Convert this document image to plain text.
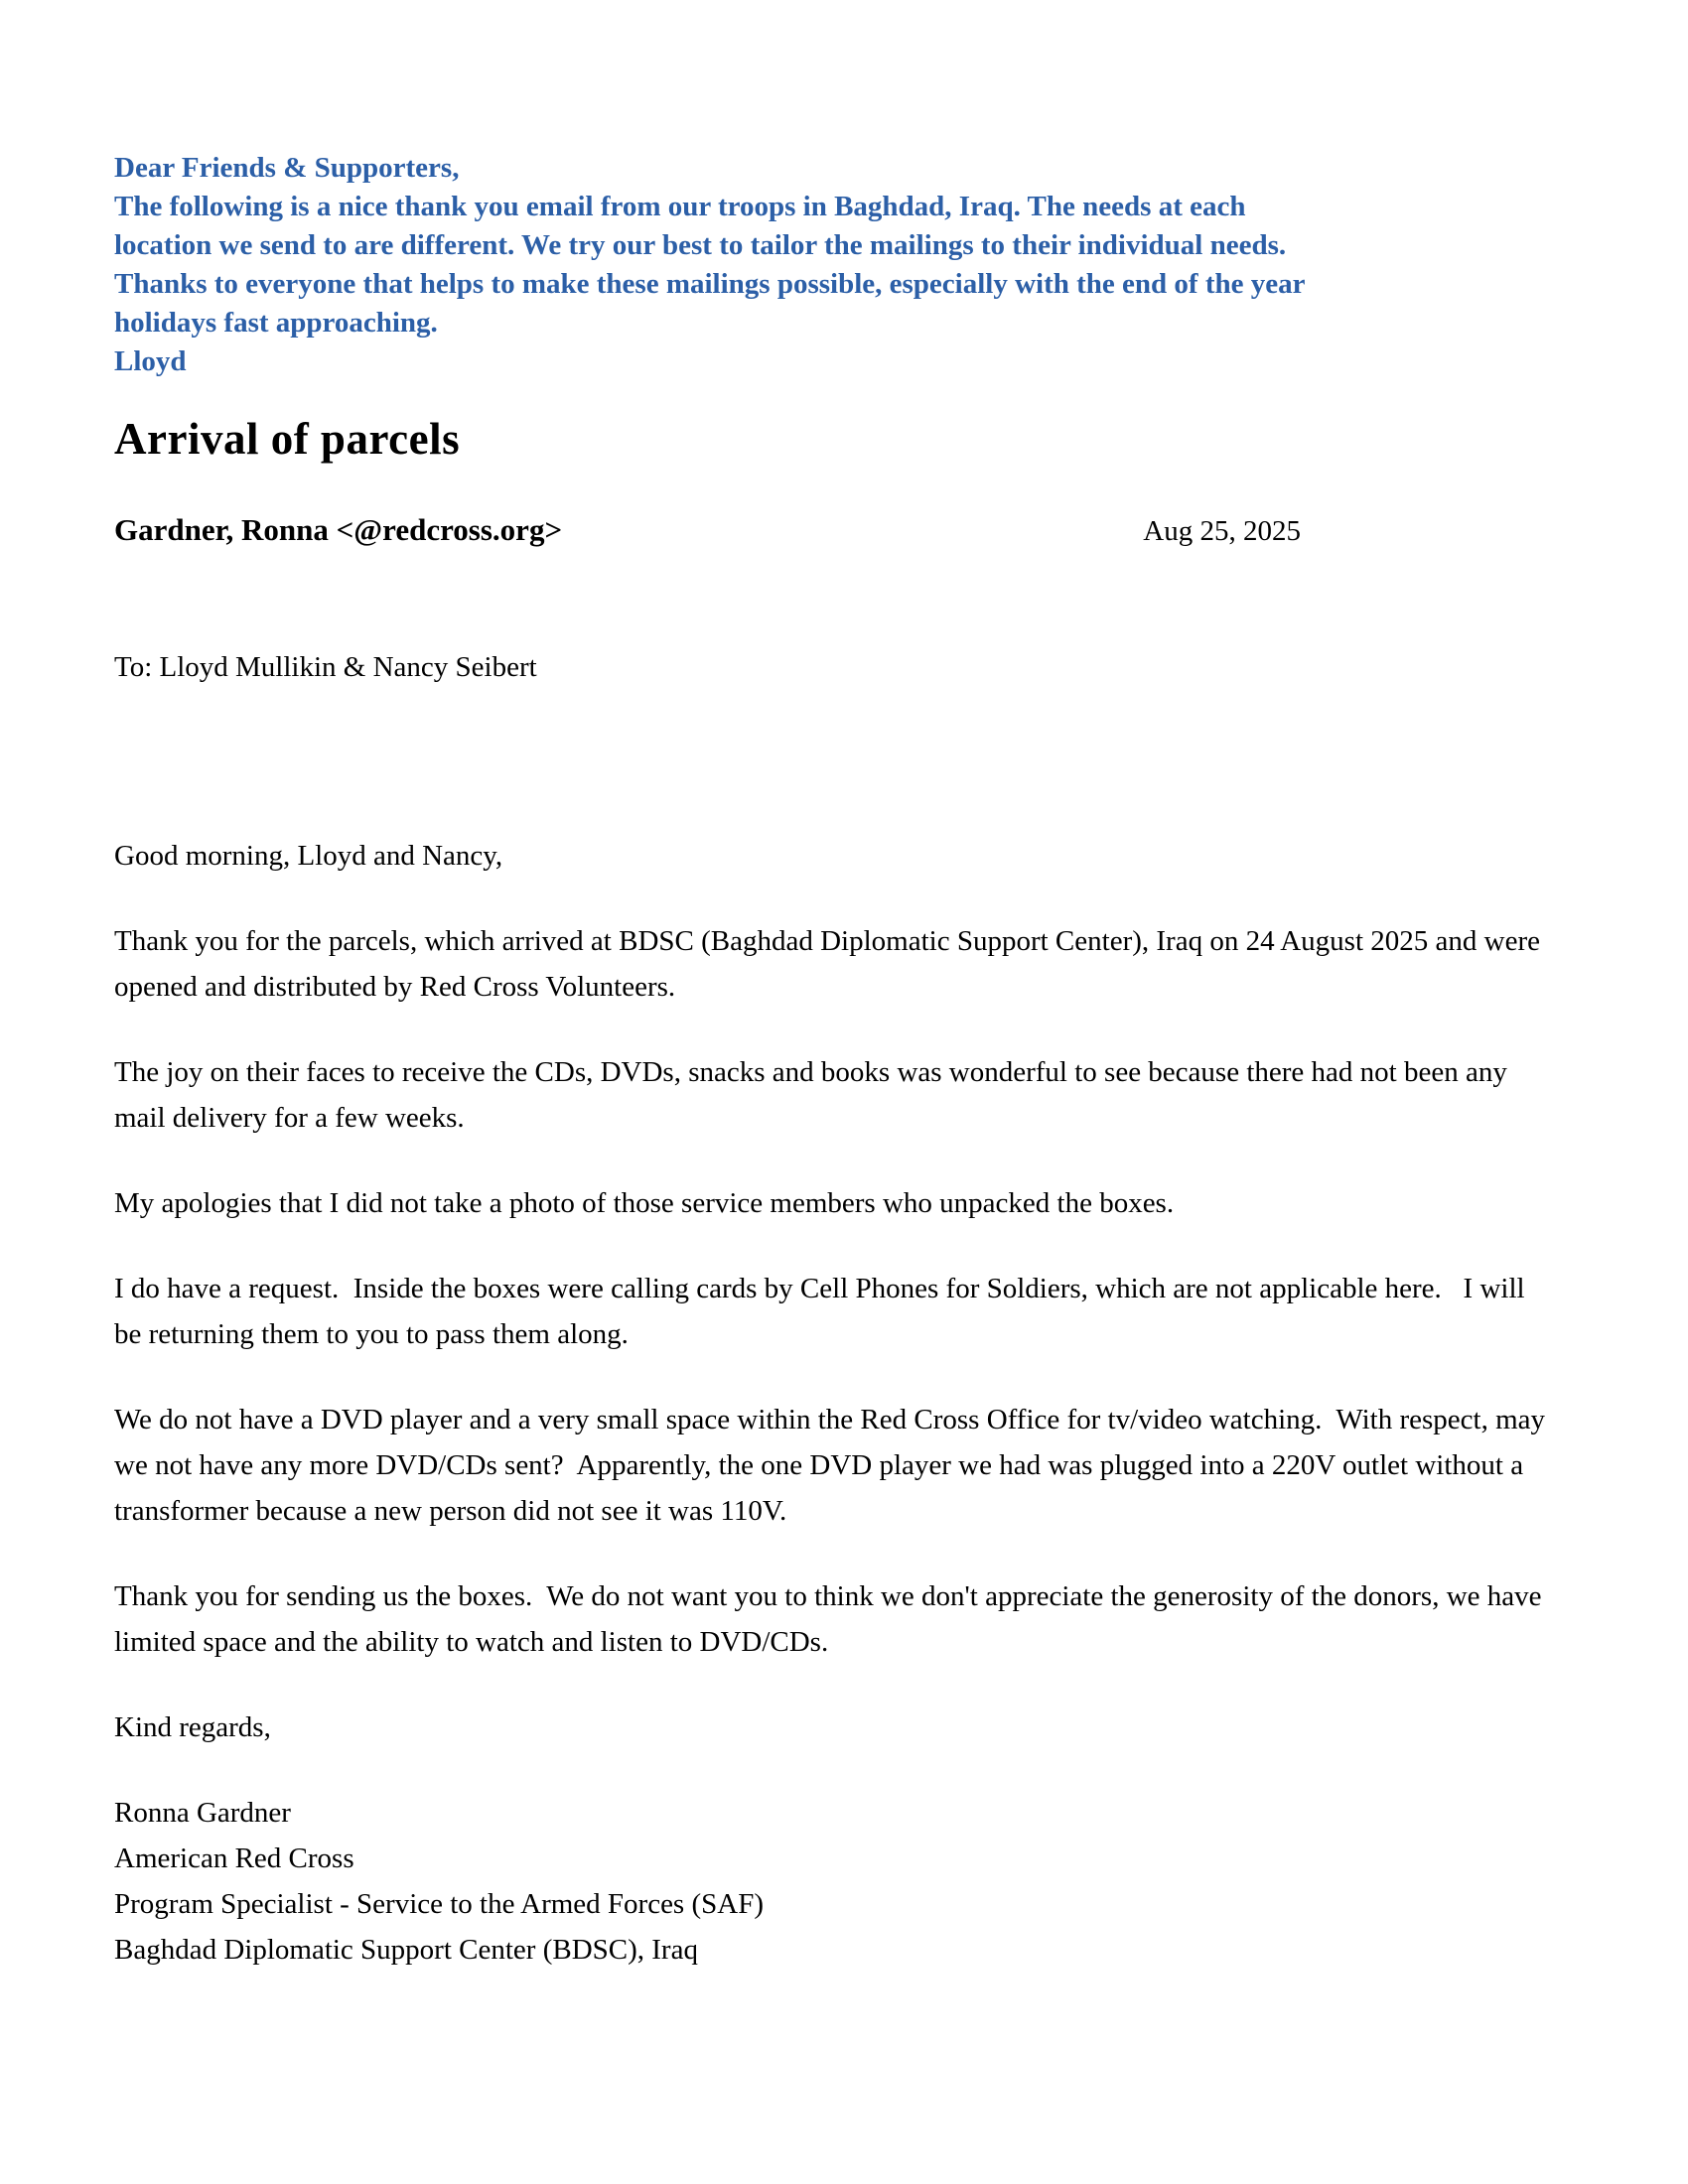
Dear Friends & Supporters,
The following is a nice thank you email from our troops in Baghdad, Iraq. The needs at each
location we send to are different. We try our best to tailor the mailings to their individual needs.
Thanks to everyone that helps to make these mailings possible, especially with the end of the year
holidays fast approaching.
Lloyd
Arrival of parcels
Gardner, Ronna <@redcross.org>	Aug 25, 2025
To: Lloyd Mullikin & Nancy Seibert
Good morning, Lloyd and Nancy,
Thank you for the parcels, which arrived at BDSC (Baghdad Diplomatic Support Center), Iraq on 24 August 2025 and were opened and distributed by Red Cross Volunteers.
The joy on their faces to receive the CDs, DVDs, snacks and books was wonderful to see because there had not been any mail delivery for a few weeks.
My apologies that I did not take a photo of those service members who unpacked the boxes.
I do have a request.  Inside the boxes were calling cards by Cell Phones for Soldiers, which are not applicable here.   I will be returning them to you to pass them along.
We do not have a DVD player and a very small space within the Red Cross Office for tv/video watching.  With respect, may we not have any more DVD/CDs sent?  Apparently, the one DVD player we had was plugged into a 220V outlet without a transformer because a new person did not see it was 110V.
Thank you for sending us the boxes.  We do not want you to think we don't appreciate the generosity of the donors, we have limited space and the ability to watch and listen to DVD/CDs.
Kind regards,
Ronna Gardner
American Red Cross
Program Specialist - Service to the Armed Forces (SAF)
Baghdad Diplomatic Support Center (BDSC), Iraq
